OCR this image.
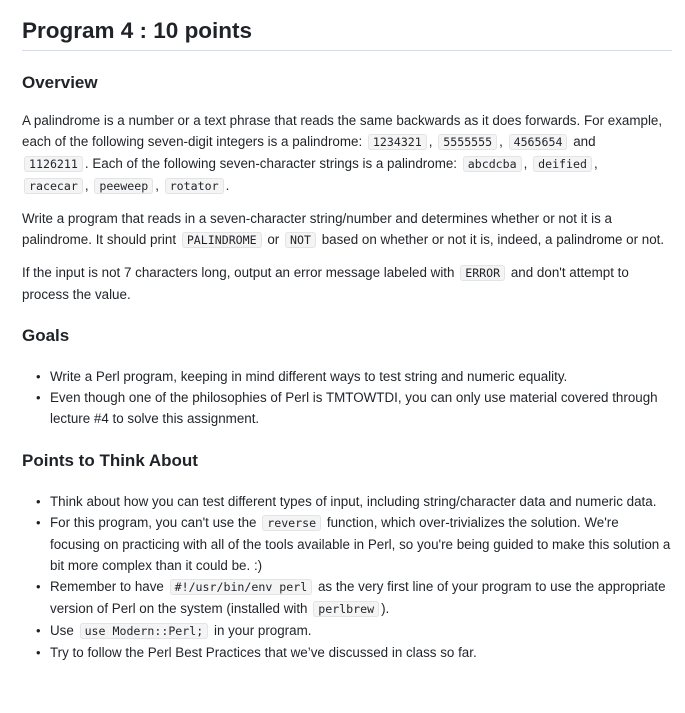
Program 4 : 10 points
Overview

A palindrome is a number or a text phrase that reads the same backwards as it does forwards. For example, each of the following seven-digit integers is a palindrome: 1234321 , 5555555 , 4565654 and
1126211 . Each of the following seven-character strings is a palindrome: abcdcba , deified ,
racecar , peeweep , rotator .

Write a program that reads in a seven-character string/number and determines whether or not it is a palindrome. It should print PALINDROME or NOT based on whether or not it is, indeed, a palindrome or not.

If the input is not 7 characters long, output an error message labeled with ERROR and don't attempt to process the value.

Goals
• Write a Perl program, keeping in mind different ways to test string and numeric equality.
• Even though one of the philosophies of Perl is TMTOWTDI, you can only use material covered through lecture #4 to solve this assignment.
Points to Think About
• Think about how you can test different types of input, including string/character data and numeric data.
• For this program, you can't use the reverse function, which over-trivializes the solution. We're focusing on practicing with all of the tools available in Perl, so you're being guided to make this solution a bit more complex than it could be. :)
• Remember to have #!/usr/bin/env perl as the very first line of your program to use the appropriate version of Perl on the system (installed with perlbrew ).
• Use use Modern::Perl; in your program.
• Try to follow the Perl Best Practices that we’ve discussed in class so far.
